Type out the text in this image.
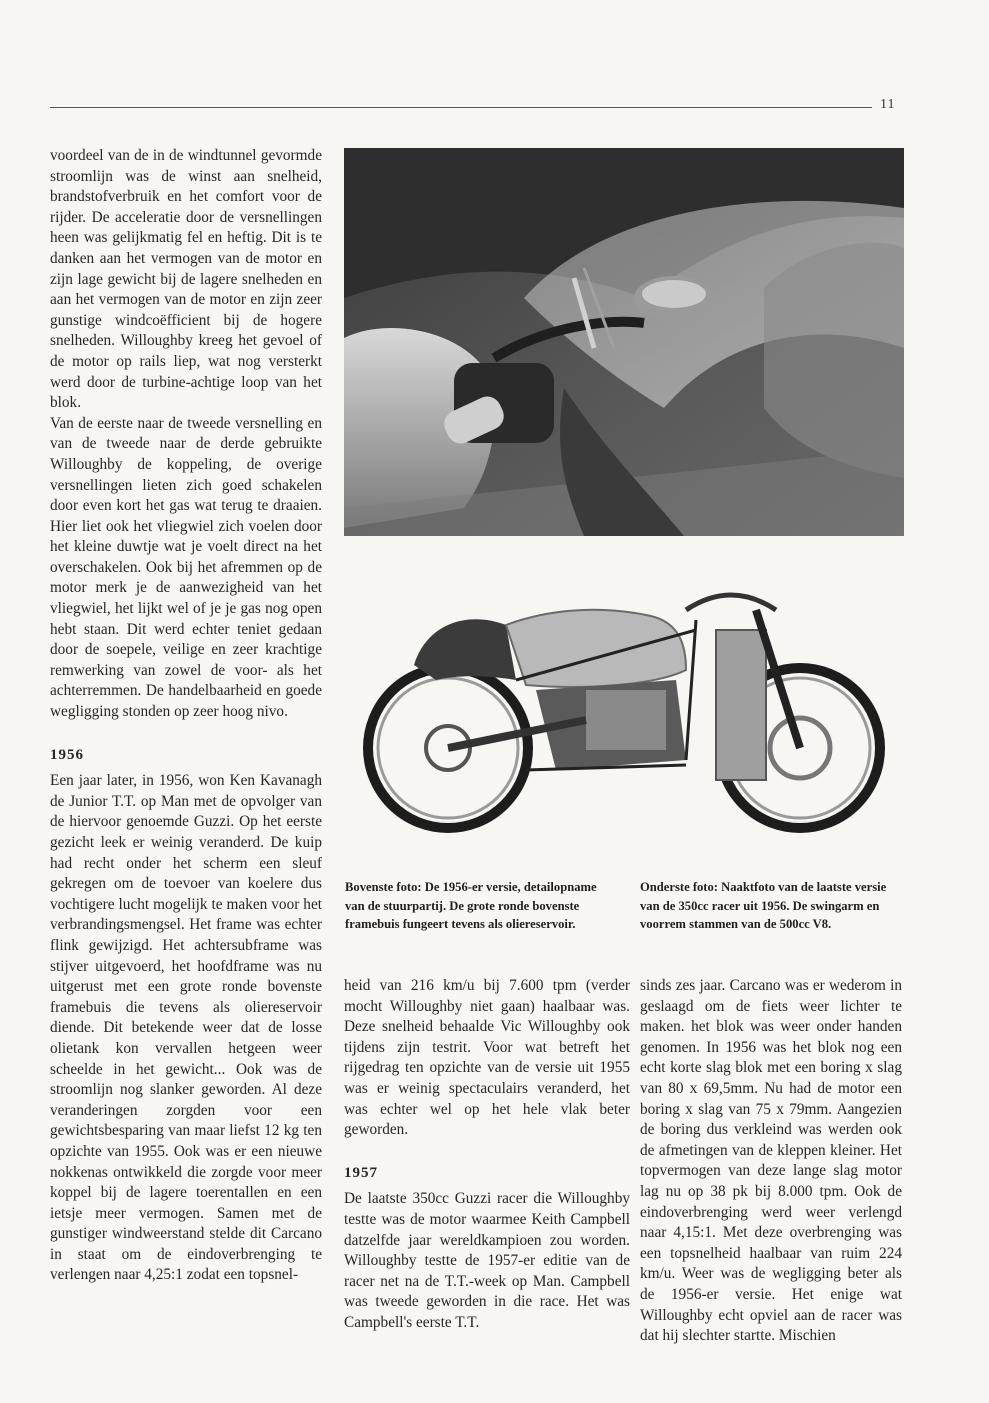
11

voordeel van de in de windtunnel gevormde stroomlijn was de winst aan snelheid, brandstofverbruik en het comfort voor de rijder. De acceleratie door de versnellingen heen was gelijkmatig fel en heftig. Dit is te danken aan het vermogen van de motor en zijn lage gewicht bij de lagere snelheden en aan het vermogen van de motor en zijn zeer gunstige windcoëfficient bij de hogere snelheden. Willoughby kreeg het gevoel of de motor op rails liep, wat nog versterkt werd door de turbine-achtige loop van het blok.

Van de eerste naar de tweede versnelling en van de tweede naar de derde gebruikte Willoughby de koppeling, de overige versnellingen lieten zich goed schakelen door even kort het gas wat terug te draaien. Hier liet ook het vliegwiel zich voelen door het kleine duwtje wat je voelt direct na het overschakelen. Ook bij het afremmen op de motor merk je de aanwezigheid van het vliegwiel, het lijkt wel of je je gas nog open hebt staan. Dit werd echter teniet gedaan door de soepele, veilige en zeer krachtige remwerking van zowel de voor- als het achterremmen. De handelbaarheid en goede wegligging stonden op zeer hoog nivo.

1956

Een jaar later, in 1956, won Ken Kavanagh de Junior T.T. op Man met de opvolger van de hiervoor genoemde Guzzi. Op het eerste gezicht leek er weinig veranderd. De kuip had recht onder het scherm een sleuf gekregen om de toevoer van koelere dus vochtigere lucht mogelijk te maken voor het verbrandingsmengsel. Het frame was echter flink gewijzigd. Het achtersubframe was stijver uitgevoerd, het hoofdframe was nu uitgerust met een grote ronde bovenste framebuis die tevens als oliereservoir diende. Dit betekende weer dat de losse olietank kon vervallen hetgeen weer scheelde in het gewicht... Ook was de stroomlijn nog slanker geworden. Al deze veranderingen zorgden voor een gewichtsbesparing van maar liefst 12 kg ten opzichte van 1955. Ook was er een nieuwe nokkenas ontwikkeld die zorgde voor meer koppel bij de lagere toerentallen en een ietsje meer vermogen. Samen met de gunstiger windweerstand stelde dit Carcano in staat om de eindoverbrenging te verlengen naar 4,25:1 zodat een topsnel-

Bovenste foto: De 1956-er versie, detailopname van de stuurpartij. De grote ronde bovenste framebuis fungeert tevens als oliereservoir.
Onderste foto: Naaktfoto van de laatste versie van de 350cc racer uit 1956. De swingarm en voorrem stammen van de 500cc V8.

heid van 216 km/u bij 7.600 tpm (verder mocht Willoughby niet gaan) haalbaar was. Deze snelheid behaalde Vic Willoughby ook tijdens zijn testrit. Voor wat betreft het rijgedrag ten opzichte van de versie uit 1955 was er weinig spectaculairs veranderd, het was echter wel op het hele vlak beter geworden.

1957

De laatste 350cc Guzzi racer die Willoughby testte was de motor waarmee Keith Campbell datzelfde jaar wereldkampioen zou worden. Willoughby testte de 1957-er editie van de racer net na de T.T.-week op Man. Campbell was tweede geworden in die race. Het was Campbell's eerste T.T.

sinds zes jaar. Carcano was er wederom in geslaagd om de fiets weer lichter te maken. het blok was weer onder handen genomen. In 1956 was het blok nog een echt korte slag blok met een boring x slag van 80 x 69,5mm. Nu had de motor een boring x slag van 75 x 79mm. Aangezien de boring dus verkleind was werden ook de afmetingen van de kleppen kleiner. Het topvermogen van deze lange slag motor lag nu op 38 pk bij 8.000 tpm. Ook de eindoverbrenging werd weer verlengd naar 4,15:1. Met deze overbrenging was een topsnelheid haalbaar van ruim 224 km/u. Weer was de wegligging beter als de 1956-er versie. Het enige wat Willoughby echt opviel aan de racer was dat hij slechter startte. Mischien
